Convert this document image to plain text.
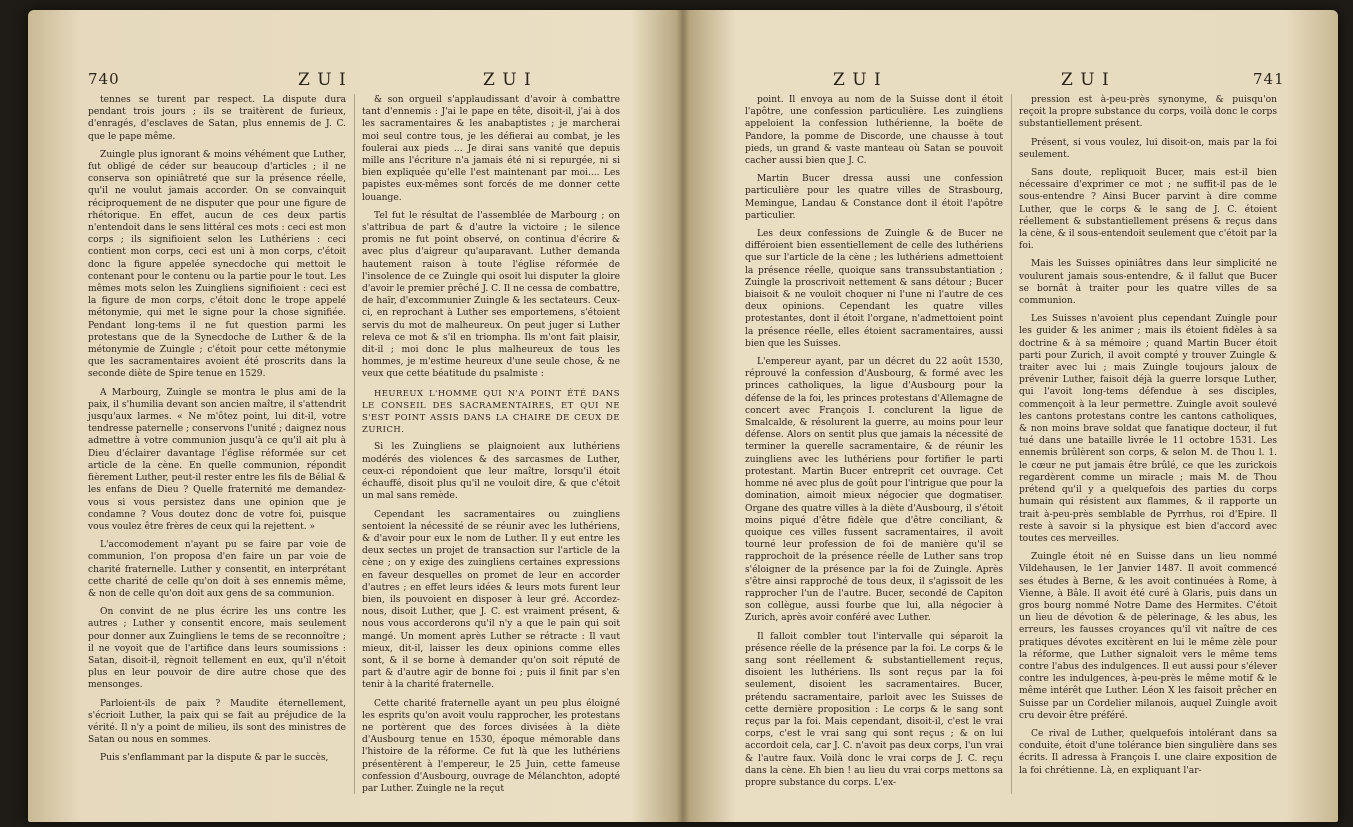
740	Z U I	Z U I

tennes se turent par respect. La dispute dura pendant trois jours ; ils se traitèrent de furieux, d'enragés, d'esclaves de Satan, plus ennemis de J. C. que le pape même.

Zuingle plus ignorant & moins véhément que Luther, fut obligé de céder sur beaucoup d'articles ; il ne conserva son opiniâtreté que sur la présence réelle, qu'il ne voulut jamais accorder. On se convainquit réciproquement de ne disputer que pour une figure de rhétorique. En effet, aucun de ces deux partis n'entendoit dans le sens littéral ces mots : ceci est mon corps ; ils signifioient selon les Luthériens : ceci contient mon corps, ceci est uni à mon corps, c'étoit donc la figure appelée synecdoche qui mettoit le contenant pour le contenu ou la partie pour le tout. Les mêmes mots selon les Zuingliens signifioient : ceci est la figure de mon corps, c'étoit donc le trope appelé métonymie, qui met le signe pour la chose signifiée. Pendant long-tems il ne fut question parmi les protestans que de la Synecdoche de Luther & de la métonymie de Zuingle ; c'étoit pour cette métonymie que les sacramentaires avoient été proscrits dans la seconde diète de Spire tenue en 1529.

A Marbourg, Zuingle se montra le plus ami de la paix, il s'humilia devant son ancien maître, il s'attendrit jusqu'aux larmes. « Ne m'ôtez point, lui dit-il, votre tendresse paternelle ; conservons l'unité ; daignez nous admettre à votre communion jusqu'à ce qu'il ait plu à Dieu d'éclairer davantage l'église réformée sur cet article de la cène. En quelle communion, répondit fièrement Luther, peut-il rester entre les fils de Bélial & les enfans de Dieu ? Quelle fraternité me demandez-vous si vous persistez dans une opinion que je condamne ? Vous doutez donc de votre foi, puisque vous voulez être frères de ceux qui la rejettent. »

L'accomodement n'ayant pu se faire par voie de communion, l'on proposa d'en faire un par voie de charité fraternelle. Luther y consentit, en interprétant cette charité de celle qu'on doit à ses ennemis même, & non de celle qu'on doit aux gens de sa communion.

On convint de ne plus écrire les uns contre les autres ; Luther y consentit encore, mais seulement pour donner aux Zuingliens le tems de se reconnoître ; il ne voyoit que de l'artifice dans leurs soumissions : Satan, disoit-il, règnoit tellement en eux, qu'il n'étoit plus en leur pouvoir de dire autre chose que des mensonges.

Parloient-ils de paix ? Maudite éternellement, s'écrioit Luther, la paix qui se fait au préjudice de la vérité. Il n'y a point de milieu, ils sont des ministres de Satan ou nous en sommes.

Puis s'enflammant par la dispute & par le succès,

& son orgueil s'applaudissant d'avoir à combattre tant d'ennemis : J'ai le pape en tête, disoit-il, j'ai à dos les sacramentaires & les anabaptistes ; je marcherai moi seul contre tous, je les défierai au combat, je les foulerai aux pieds ... Je dirai sans vanité que depuis mille ans l'écriture n'a jamais été ni si repurgée, ni si bien expliquée qu'elle l'est maintenant par moi.... Les papistes eux-mêmes sont forcés de me donner cette louange.

Tel fut le résultat de l'assemblée de Marbourg ; on s'attribua de part & d'autre la victoire ; le silence promis ne fut point observé, on continua d'écrire & avec plus d'aigreur qu'auparavant. Luther demanda hautement raison à toute l'église réformée de l'insolence de ce Zuingle qui osoit lui disputer la gloire d'avoir le premier prêché J. C. Il ne cessa de combattre, de haïr, d'excommunier Zuingle & les sectateurs. Ceux-ci, en reprochant à Luther ses emportemens, s'étoient servis du mot de malheureux. On peut juger si Luther releva ce mot & s'il en triompha. Ils m'ont fait plaisir, dit-il ; moi donc le plus malheureux de tous les hommes, je m'estime heureux d'une seule chose, & ne veux que cette béatitude du psalmiste :

HEUREUX L'HOMME QUI N'A POINT ÉTÉ DANS LE CONSEIL DES SACRAMENTAIRES, ET QUI NE S'EST POINT ASSIS DANS LA CHAIRE DE CEUX DE ZURICH.

Si les Zuingliens se plaignoient aux luthériens modérés des violences & des sarcasmes de Luther, ceux-ci répondoient que leur maître, lorsqu'il étoit échauffé, disoit plus qu'il ne vouloit dire, & que c'étoit un mal sans remède.

Cependant les sacramentaires ou zuingliens sentoient la nécessité de se réunir avec les luthériens, & d'avoir pour eux le nom de Luther. Il y eut entre les deux sectes un projet de transaction sur l'article de la cène ; on y exige des zuingliens certaines expressions en faveur desquelles on promet de leur en accorder d'autres ; en effet leurs idées & leurs mots furent leur bien, ils pouvoient en disposer à leur gré. Accordez-nous, disoit Luther, que J. C. est vraiment présent, & nous vous accorderons qu'il n'y a que le pain qui soit mangé. Un moment après Luther se rétracte : Il vaut mieux, dit-il, laisser les deux opinions comme elles sont, & il se borne à demander qu'on soit réputé de part & d'autre agir de bonne foi ; puis il finit par s'en tenir à la charité fraternelle.

Cette charité fraternelle ayant un peu plus éloigné les esprits qu'on avoit voulu rapprocher, les protestans ne portèrent que des forces divisées à la diète d'Ausbourg tenue en 1530, époque mémorable dans l'histoire de la réforme. Ce fut là que les luthériens présentèrent à l'empereur, le 25 Juin, cette fameuse confession d'Ausbourg, ouvrage de Mélanchton, adopté par Luther. Zuingle ne la reçut

Z U I	Z U I	741

point. Il envoya au nom de la Suisse dont il étoit l'apôtre, une confession particulière. Les zuingliens appeloient la confession luthérienne, la boëte de Pandore, la pomme de Discorde, une chausse à tout pieds, un grand & vaste manteau où Satan se pouvoit cacher aussi bien que J. C.

Martin Bucer dressa aussi une confession particulière pour les quatre villes de Strasbourg, Memingue, Landau & Constance dont il étoit l'apôtre particulier.

Les deux confessions de Zuingle & de Bucer ne différoient bien essentiellement de celle des luthériens que sur l'article de la cène ; les luthériens admettoient la présence réelle, quoique sans transsubstantiation ; Zuingle la proscrivoit nettement & sans détour ; Bucer biaisoit & ne vouloit choquer ni l'une ni l'autre de ces deux opinions. Cependant les quatre villes protestantes, dont il étoit l'organe, n'admettoient point la présence réelle, elles étoient sacramentaires, aussi bien que les Suisses.

L'empereur ayant, par un décret du 22 août 1530, réprouvé la confession d'Ausbourg, & formé avec les princes catholiques, la ligue d'Ausbourg pour la défense de la foi, les princes protestans d'Allemagne de concert avec François I. conclurent la ligue de Smalcalde, & résolurent la guerre, au moins pour leur défense. Alors on sentit plus que jamais la nécessité de terminer la querelle sacramentaire, & de réunir les zuingliens avec les luthériens pour fortifier le parti protestant. Martin Bucer entreprit cet ouvrage. Cet homme né avec plus de goût pour l'intrigue que pour la domination, aimoit mieux négocier que dogmatiser. Organe des quatre villes à la diète d'Ausbourg, il s'étoit moins piqué d'être fidèle que d'être conciliant, & quoique ces villes fussent sacramentaires, il avoit tourné leur profession de foi de manière qu'il se rapprochoit de la présence réelle de Luther sans trop s'éloigner de la présence par la foi de Zuingle. Après s'être ainsi rapproché de tous deux, il s'agissoit de les rapprocher l'un de l'autre. Bucer, secondé de Capiton son collègue, aussi fourbe que lui, alla négocier à Zurich, après avoir conféré avec Luther.

Il falloit combler tout l'intervalle qui séparoit la présence réelle de la présence par la foi. Le corps & le sang sont réellement & substantiellement reçus, disoient les luthériens. Ils sont reçus par la foi seulement, disoient les sacramentaires. Bucer, prétendu sacramentaire, parloit avec les Suisses de cette dernière proposition : Le corps & le sang sont reçus par la foi. Mais cependant, disoit-il, c'est le vrai corps, c'est le vrai sang qui sont reçus ; & on lui accordoit cela, car J. C. n'avoit pas deux corps, l'un vrai & l'autre faux. Voilà donc le vrai corps de J. C. reçu dans la cène. Eh bien ! au lieu du vrai corps mettons sa propre substance du corps. L'ex-

pression est à-peu-près synonyme, & puisqu'on reçoit la propre substance du corps, voilà donc le corps substantiellement présent.

Présent, si vous voulez, lui disoit-on, mais par la foi seulement.

Sans doute, repliquoit Bucer, mais est-il bien nécessaire d'exprimer ce mot ; ne suffit-il pas de le sous-entendre ? Ainsi Bucer parvint à dire comme Luther, que le corps & le sang de J. C. étoient réellement & substantiellement présens & reçus dans la cène, & il sous-entendoit seulement que c'étoit par la foi.

Mais les Suisses opiniâtres dans leur simplicité ne voulurent jamais sous-entendre, & il fallut que Bucer se bornât à traiter pour les quatre villes de sa communion.

Les Suisses n'avoient plus cependant Zuingle pour les guider & les animer ; mais ils étoient fidèles à sa doctrine & à sa mémoire ; quand Martin Bucer étoit parti pour Zurich, il avoit compté y trouver Zuingle & traiter avec lui ; mais Zuingle toujours jaloux de prévenir Luther, faisoit déjà la guerre lorsque Luther, qui l'avoit long-tems défendue à ses disciples, commençoit à la leur permettre. Zuingle avoit soulevé les cantons protestans contre les cantons catholiques, & non moins brave soldat que fanatique docteur, il fut tué dans une bataille livrée le 11 octobre 1531. Les ennemis brûlèrent son corps, & selon M. de Thou l. 1. le cœur ne put jamais être brûlé, ce que les zurickois regardèrent comme un miracle ; mais M. de Thou prétend qu'il y a quelquefois des parties du corps humain qui résistent aux flammes, & il rapporte un trait à-peu-près semblable de Pyrrhus, roi d'Epire. Il reste à savoir si la physique est bien d'accord avec toutes ces merveilles.

Zuingle étoit né en Suisse dans un lieu nommé Vildehausen, le 1er Janvier 1487. Il avoit commencé ses études à Berne, & les avoit continuées à Rome, à Vienne, à Bâle. Il avoit été curé à Glaris, puis dans un gros bourg nommé Notre Dame des Hermites. C'étoit un lieu de dévotion & de pèlerinage, & les abus, les erreurs, les fausses croyances qu'il vit naître de ces pratiques dévotes excitèrent en lui le même zèle pour la réforme, que Luther signaloit vers le même tems contre l'abus des indulgences. Il eut aussi pour s'élever contre les indulgences, à-peu-près le même motif & le même intérêt que Luther. Léon X les faisoit prêcher en Suisse par un Cordelier milanois, auquel Zuingle avoit cru devoir être préféré.

Ce rival de Luther, quelquefois intolérant dans sa conduite, étoit d'une tolérance bien singulière dans ses écrits. Il adressa à François I. une claire exposition de la foi chrétienne. Là, en expliquant l'ar-
